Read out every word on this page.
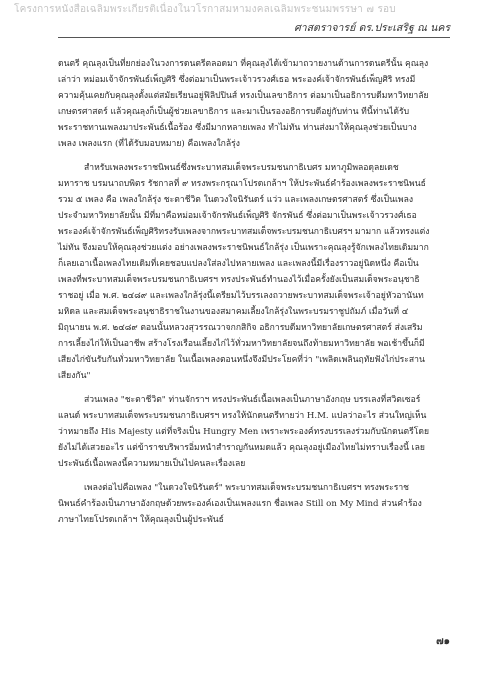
โครงการหนังสือเฉลิมพระเกียรติเนื่องในวโรกาสมหามงคลเฉลิมพระชนมพรรษา ๗ รอบ
ศาสตราจารย์ ดร.ประเสริฐ ณ นคร

ดนตรี คุณลุงเป็นที่ยกย่องในวงการดนตรีตลอดมา ที่คุณลุงได้เข้ามาถวายงานด้านการดนตรีนั้น คุณลุงเล่าว่า หม่อมเจ้าจักรพันธ์เพ็ญศิริ ซึ่งต่อมาเป็นพระเจ้าวรวงศ์เธอ พระองค์เจ้าจักรพันธ์เพ็ญศิริ ทรงมีความคุ้นเคยกับคุณลุงตั้งแต่สมัยเรียนอยู่ฟิลิปปินส์ ทรงเป็นเลขาธิการ ต่อมาเป็นอธิการบดีมหาวิทยาลัยเกษตรศาสตร์ แล้วคุณลุงก็เป็นผู้ช่วยเลขาธิการ และมาเป็นรองอธิการบดีอยู่กับท่าน ทีนี้ท่านได้รับพระราชทานเพลงมาประพันธ์เนื้อร้อง ซึ่งมีมากหลายเพลง ทำไม่ทัน ท่านส่งมาให้คุณลุงช่วยเป็นบางเพลง เพลงแรก (ที่ได้รับมอบหมาย) คือเพลงใกล้รุ่ง

สำหรับเพลงพระราชนิพนธ์ซึ่งพระบาทสมเด็จพระบรมชนกาธิเบศร มหาภูมิพลอดุลยเดชมหาราช บรมนาถบพิตร รัชกาลที่ ๙ ทรงพระกรุณาโปรดเกล้าฯ ให้ประพันธ์คำร้องเพลงพระราชนิพนธ์รวม ๕ เพลง คือ เพลงใกล้รุ่ง ชะตาชีวิต ในดวงใจนิรันดร์ แว่ว และเพลงเกษตรศาสตร์ ซึ่งเป็นเพลงประจำมหาวิทยาลัยนั้น มีที่มาคือหม่อมเจ้าจักรพันธ์เพ็ญศิริ จักรพันธ์ ซึ่งต่อมาเป็นพระเจ้าวรวงศ์เธอ พระองค์เจ้าจักรพันธ์เพ็ญศิริทรงรับเพลงจากพระบาทสมเด็จพระบรมชนกาธิเบศรฯ มามาก แล้วทรงแต่งไม่ทัน จึงมอบให้คุณลุงช่วยแต่ง อย่างเพลงพระราชนิพนธ์ใกล้รุ่ง เป็นเพราะคุณลุงรู้จักเพลงไทยเดิมมาก ก็เลยเอาเนื้อเพลงไทยเดิมที่เคยชอบแปลงใส่ลงไปหลายเพลง และเพลงนี้มีเรื่องราวอยู่นิดหนึ่ง คือเป็นเพลงที่พระบาทสมเด็จพระบรมชนกาธิเบศรฯ ทรงประพันธ์ทำนองไว้เมื่อครั้งยังเป็นสมเด็จพระอนุชาธิราชอยู่ เมื่อ พ.ศ. ๒๔๘๙ และเพลงใกล้รุ่งนี้เตรียมไว้บรรเลงถวายพระบาทสมเด็จพระเจ้าอยู่หัวอานันทมหิดล และสมเด็จพระอนุชาธิราชในงานของสมาคมเลี้ยงใกล้รุ่งในพระบรมราชูปถัมภ์ เมื่อวันที่ ๔ มิถุนายน พ.ศ. ๒๔๘๙ ตอนนั้นหลวงสุวรรณวาจกกสิกิจ อธิการบดีมหาวิทยาลัยเกษตรศาสตร์ ส่งเสริมการเลี้ยงไก่ให้เป็นอาชีพ สร้างโรงเรือนเลี้ยงไก่ไว้ทั่วมหาวิทยาลัยจนถึงท้ายมหาวิทยาลัย พอเช้าขึ้นก็มีเสียงไก่ขันรับกันทั่วมหาวิทยาลัย ในเนื้อเพลงตอนหนึ่งจึงมีประโยคที่ว่า "เพลิดเพลินฤทัยฟังไก่ประสานเสียงกัน"

ส่วนเพลง "ชะตาชีวิต" ท่านจักราฯ ทรงประพันธ์เนื้อเพลงเป็นภาษาอังกฤษ บรรเลงที่สวิตเซอร์แลนด์ พระบาทสมเด็จพระบรมชนกาธิเบศรฯ ทรงให้นักดนตรีทายว่า H.M. แปลว่าอะไร ส่วนใหญ่เห็นว่าหมายถึง His Majesty แต่ที่จริงเป็น Hungry Men เพราะพระองค์ทรงบรรเลงร่วมกับนักดนตรีโดยยังไม่ได้เสวยอะไร แต่ข้าราชบริพารอิ่มหนำสำราญกันหมดแล้ว คุณลุงอยู่เมืองไทยไม่ทราบเรื่องนี้ เลยประพันธ์เนื้อเพลงนี้ความหมายเป็นไปคนละเรื่องเลย

เพลงต่อไปคือเพลง "ในดวงใจนิรันดร์" พระบาทสมเด็จพระบรมชนกาธิเบศรฯ ทรงพระราชนิพนธ์คำร้องเป็นภาษาอังกฤษด้วยพระองค์เองเป็นเพลงแรก ชื่อเพลง Still on My Mind ส่วนคำร้องภาษาไทยโปรดเกล้าฯ ให้คุณลุงเป็นผู้ประพันธ์

๗๑
